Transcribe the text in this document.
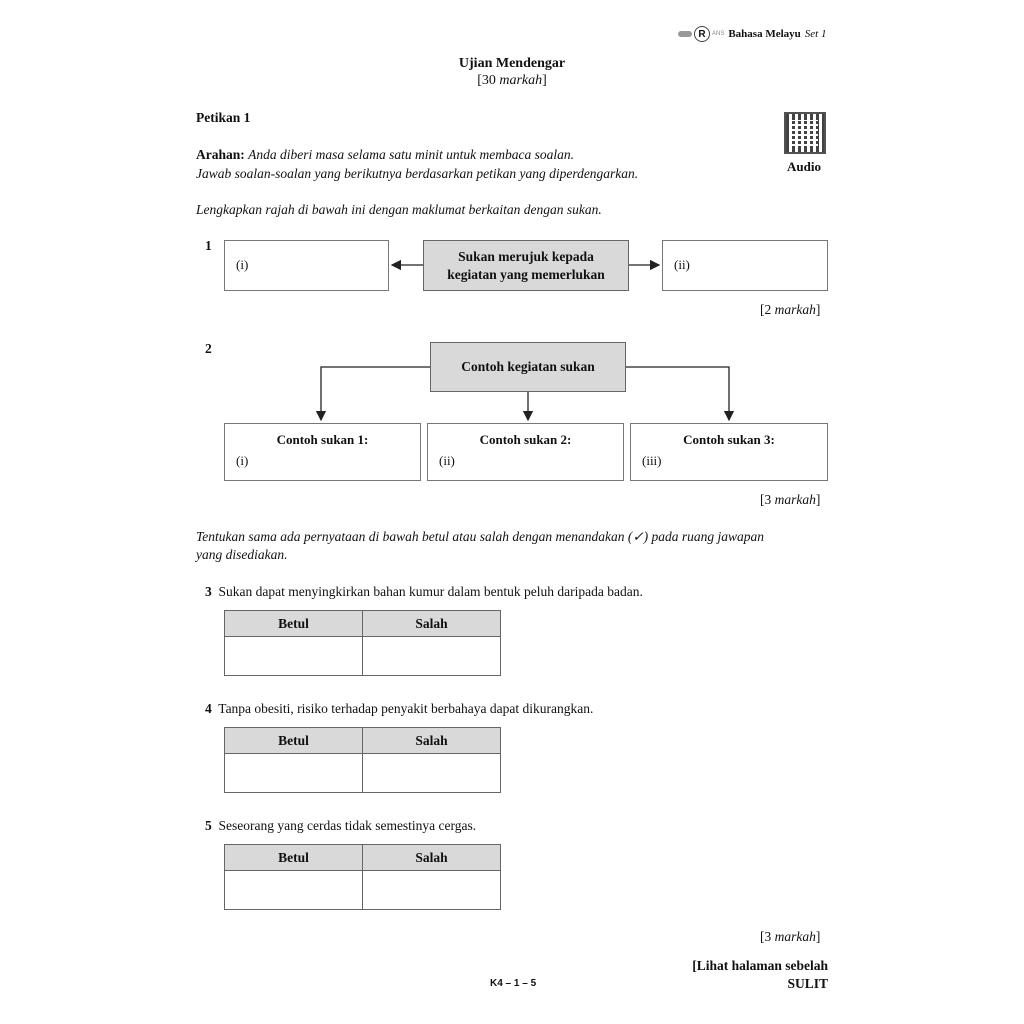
R	ANS Bahasa Melayu Set 1
Ujian Mendengar
[30 markah]
Petikan 1
Audio
Arahan: Anda diberi masa selama satu minit untuk membaca soalan.
Jawab soalan-soalan yang berikutnya berdasarkan petikan yang diperdengarkan.
Lengkapkan rajah di bawah ini dengan maklumat berkaitan dengan sukan.
1
(i)
Sukan merujuk kepada
kegiatan yang memerlukan
(ii)
[2 markah]
2
Contoh kegiatan sukan
Contoh sukan 1:
(i)
Contoh sukan 2:
(ii)
Contoh sukan 3:
(iii)
[3 markah]
Tentukan sama ada pernyataan di bawah betul atau salah dengan menandakan (✓) pada ruang jawapan
yang disediakan.
3 Sukan dapat menyingkirkan bahan kumur dalam bentuk peluh daripada badan.
Betul	Salah

4 Tanpa obesiti, risiko terhadap penyakit berbahaya dapat dikurangkan.
Betul	Salah

5 Seseorang yang cerdas tidak semestinya cergas.
Betul	Salah

[3 markah]
[Lihat halaman sebelah
K4 – 1 – 5	SULIT
